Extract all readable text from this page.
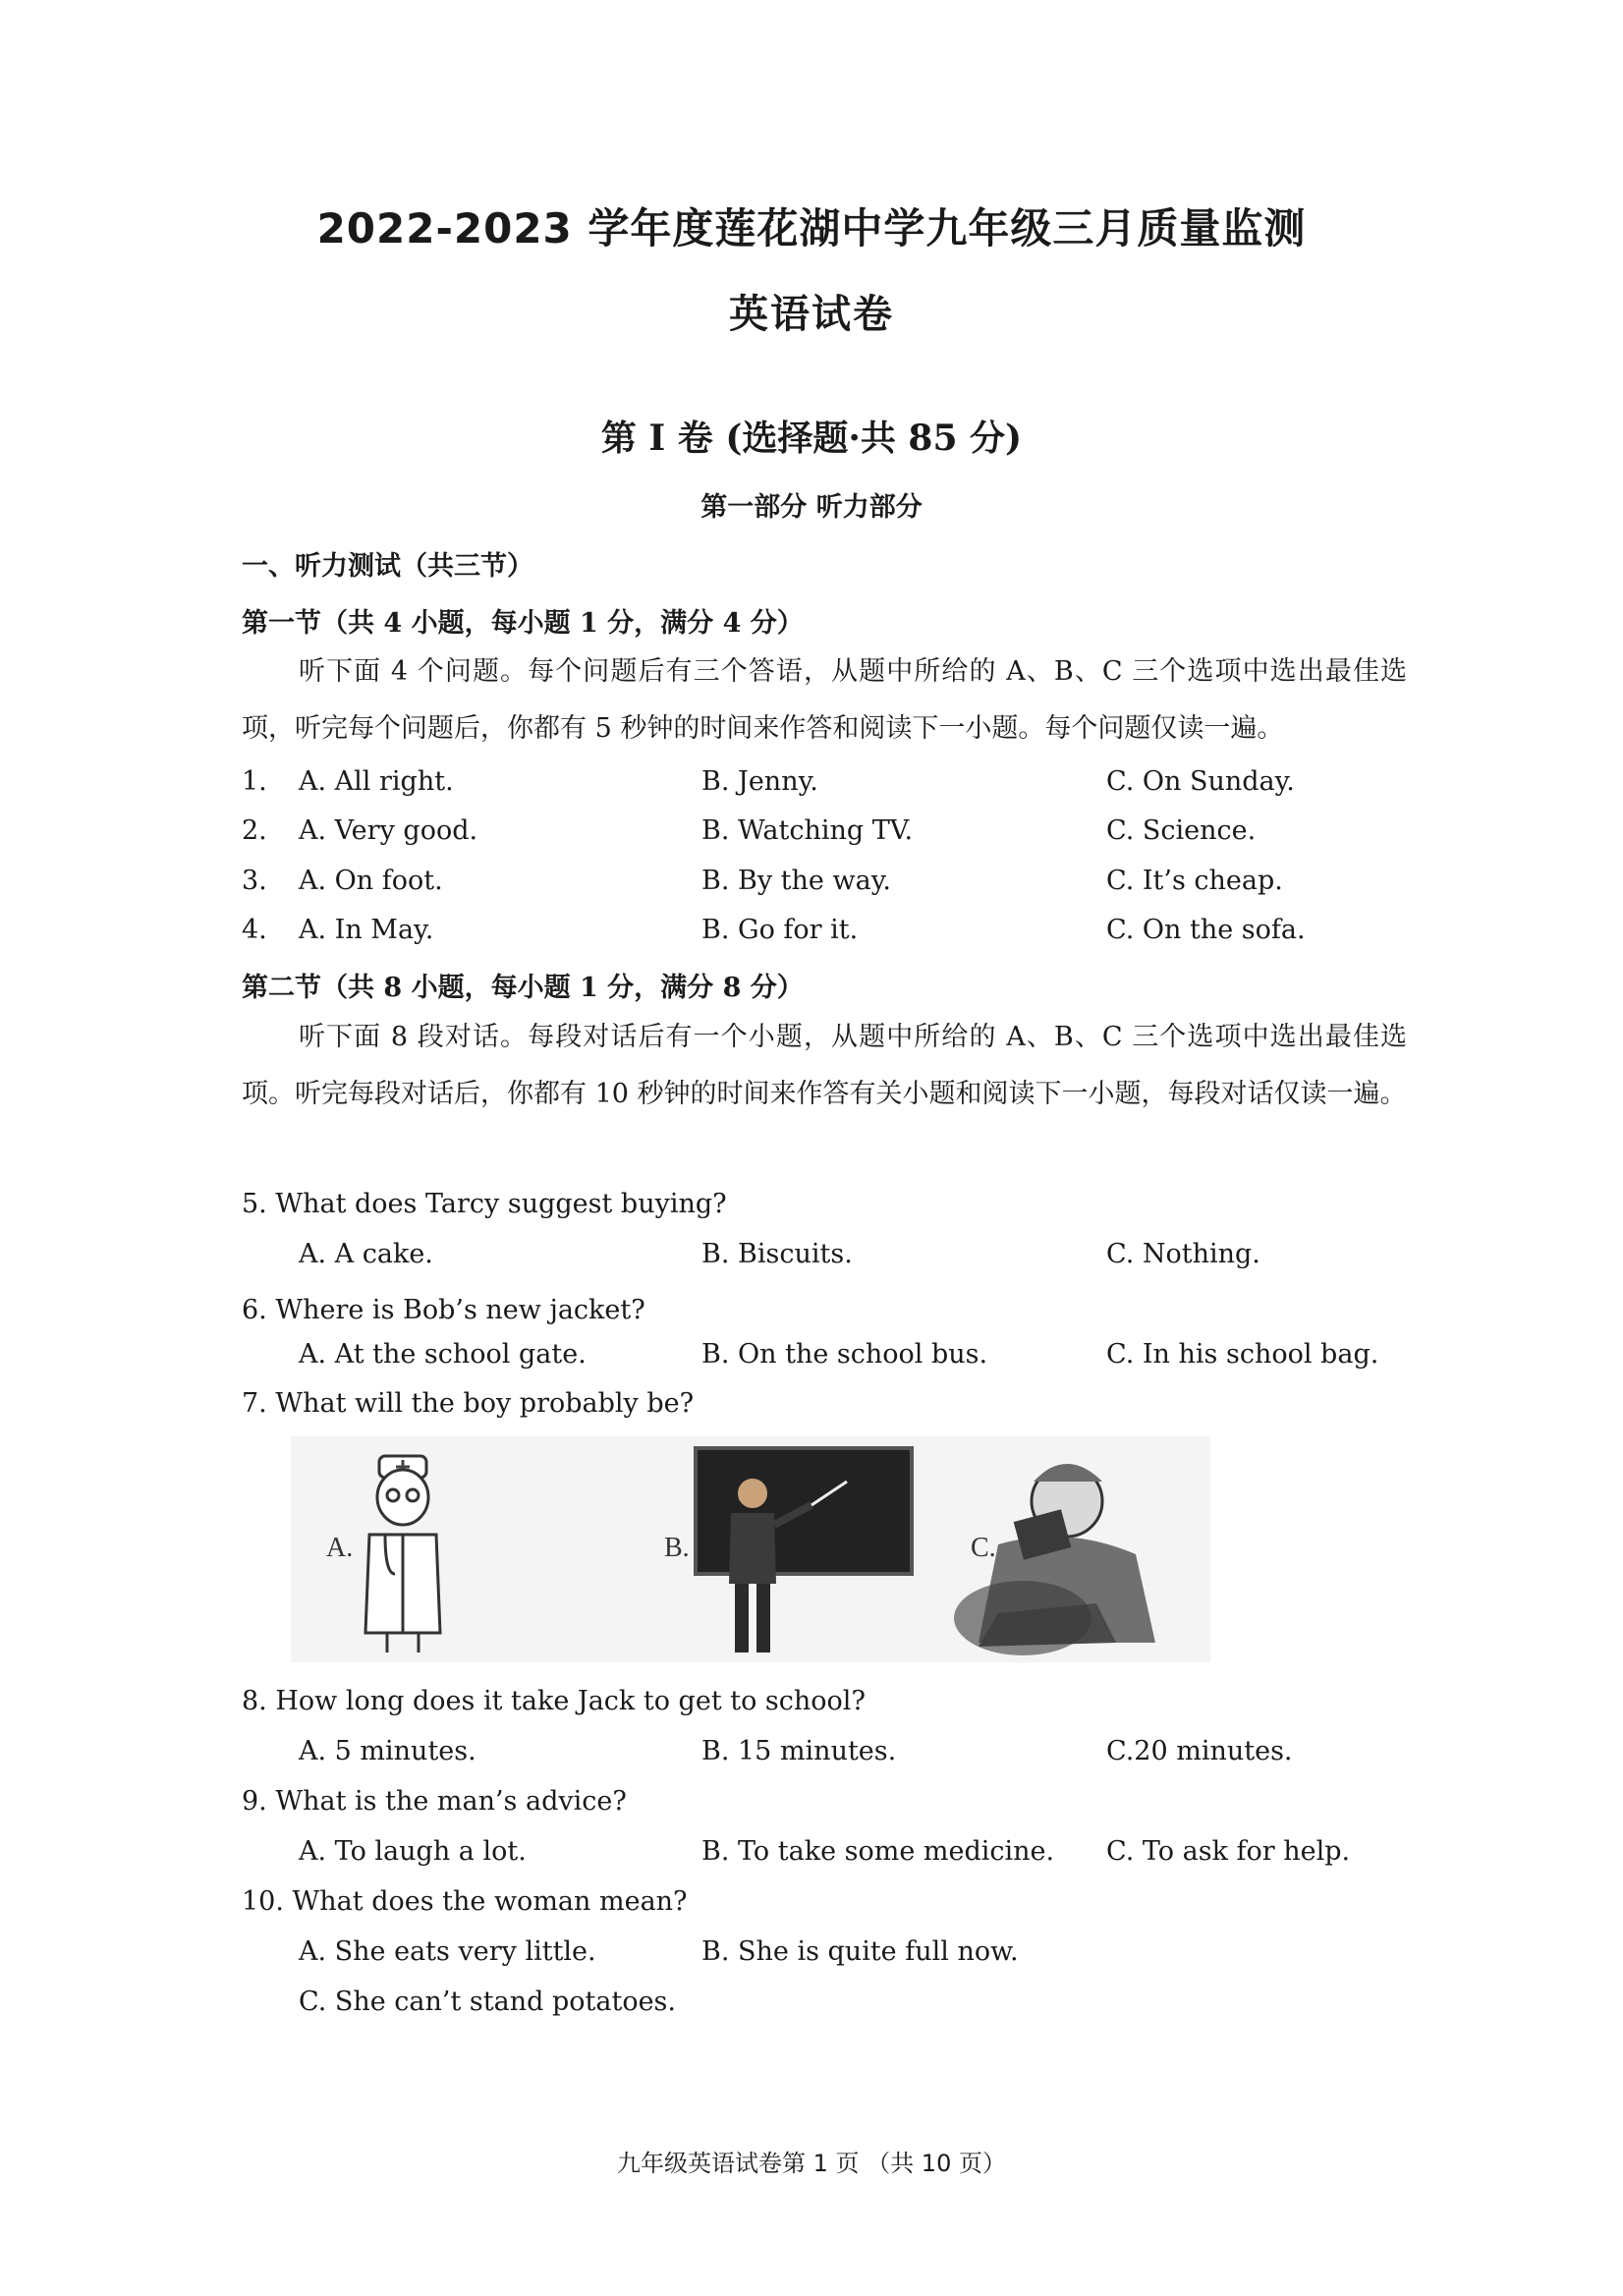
2022-2023 学年度莲花湖中学九年级三月质量监测
英语试卷
第 I 卷 (选择题·共 85 分)
第一部分 听力部分
一、听力测试（共三节）
第一节（共 4 小题，每小题 1 分，满分 4 分）
听下面 4 个问题。每个问题后有三个答语，从题中所给的 A、B、C 三个选项中选出最佳选项，听完每个问题后，你都有 5 秒钟的时间来作答和阅读下一小题。每个问题仅读一遍。
1. A. All right.	B. Jenny.	C. On Sunday.
2. A. Very good.	B. Watching TV.	C. Science.
3. A. On foot.	B. By the way.	C. It’s cheap.
4. A. In May.	B. Go for it.	C. On the sofa.
第二节（共 8 小题，每小题 1 分，满分 8 分）
听下面 8 段对话。每段对话后有一个小题，从题中所给的 A、B、C 三个选项中选出最佳选项。听完每段对话后，你都有 10 秒钟的时间来作答有关小题和阅读下一小题，每段对话仅读一遍。
5. What does Tarcy suggest buying?
A. A cake.	B. Biscuits.	C. Nothing.
6. Where is Bob’s new jacket?
A. At the school gate.	B. On the school bus.	C. In his school bag.
7. What will the boy probably be?
A.	B.	C.
8. How long does it take Jack to get to school?
A. 5 minutes.	B. 15 minutes.	C.20 minutes.
9. What is the man’s advice?
A. To laugh a lot.	B. To take some medicine. C. To ask for help.
10. What does the woman mean?
A. She eats very little.	B. She is quite full now.
C. She can’t stand potatoes.
九年级英语试卷第 1 页 （共 10 页）
